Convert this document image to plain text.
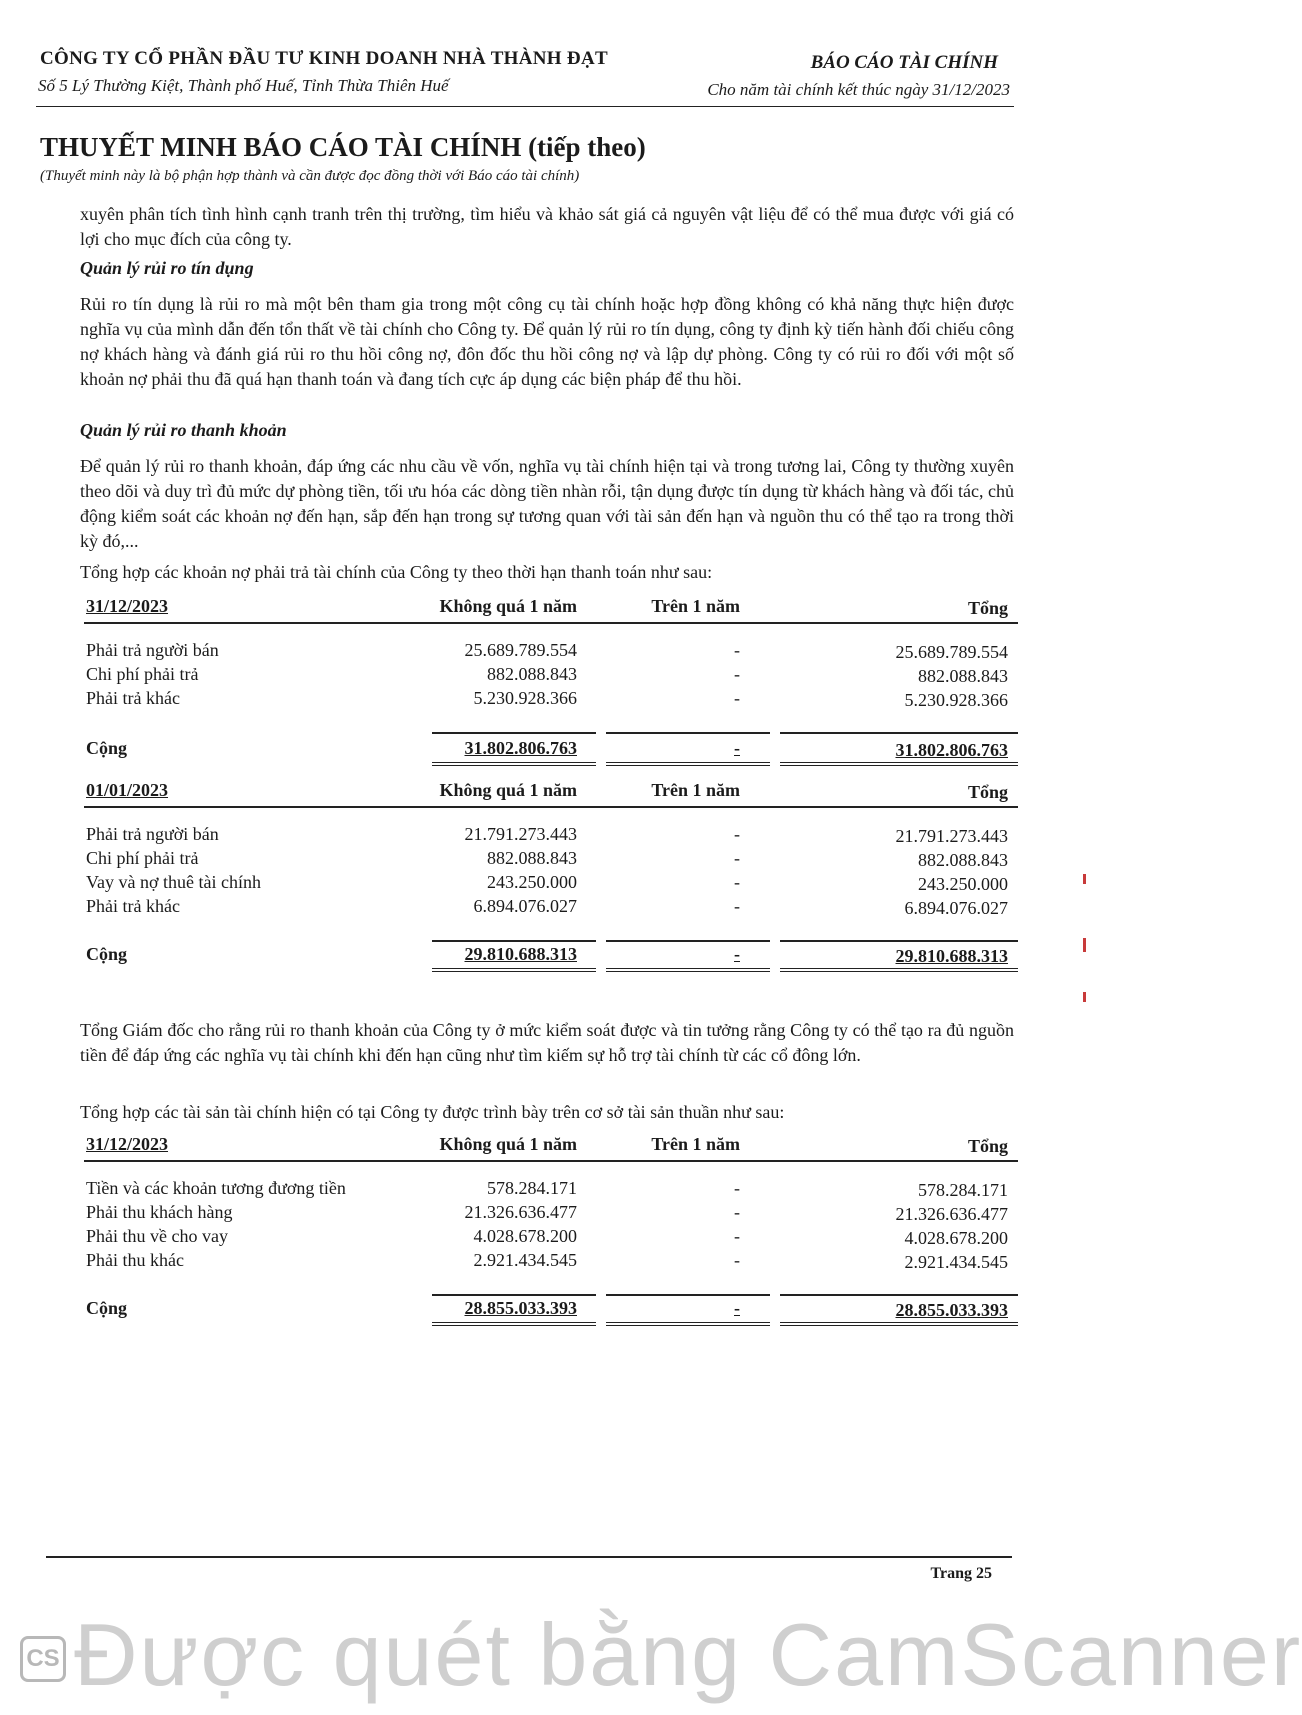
CÔNG TY CỔ PHẦN ĐẦU TƯ KINH DOANH NHÀ THÀNH ĐẠT
Số 5 Lý Thường Kiệt, Thành phố Huế, Tỉnh Thừa Thiên Huế
BÁO CÁO TÀI CHÍNH
Cho năm tài chính kết thúc ngày 31/12/2023
THUYẾT MINH BÁO CÁO TÀI CHÍNH (tiếp theo)
(Thuyết minh này là bộ phận hợp thành và cần được đọc đồng thời với Báo cáo tài chính)

xuyên phân tích tình hình cạnh tranh trên thị trường, tìm hiểu và khảo sát giá cả nguyên vật liệu để có thể mua được với giá có lợi cho mục đích của công ty.

Quản lý rủi ro tín dụng

Rủi ro tín dụng là rủi ro mà một bên tham gia trong một công cụ tài chính hoặc hợp đồng không có khả năng thực hiện được nghĩa vụ của mình dẫn đến tổn thất về tài chính cho Công ty. Để quản lý rủi ro tín dụng, công ty định kỳ tiến hành đối chiếu công nợ khách hàng và đánh giá rủi ro thu hồi công nợ, đôn đốc thu hồi công nợ và lập dự phòng. Công ty có rủi ro đối với một số khoản nợ phải thu đã quá hạn thanh toán và đang tích cực áp dụng các biện pháp để thu hồi.

Quản lý rủi ro thanh khoản

Để quản lý rủi ro thanh khoản, đáp ứng các nhu cầu về vốn, nghĩa vụ tài chính hiện tại và trong tương lai, Công ty thường xuyên theo dõi và duy trì đủ mức dự phòng tiền, tối ưu hóa các dòng tiền nhàn rỗi, tận dụng được tín dụng từ khách hàng và đối tác, chủ động kiểm soát các khoản nợ đến hạn, sắp đến hạn trong sự tương quan với tài sản đến hạn và nguồn thu có thể tạo ra trong thời kỳ đó,...

Tổng hợp các khoản nợ phải trả tài chính của Công ty theo thời hạn thanh toán như sau:

31/12/2023	Không quá 1 năm	Trên 1 năm	Tổng
Phải trả người bán	25.689.789.554	-	25.689.789.554
Chi phí phải trả	882.088.843	-	882.088.843
Phải trả khác	5.230.928.366	-	5.230.928.366
Cộng	31.802.806.763	-	31.802.806.763
01/01/2023	Không quá 1 năm	Trên 1 năm	Tổng
Phải trả người bán	21.791.273.443	-	21.791.273.443
Chi phí phải trả	882.088.843	-	882.088.843
Vay và nợ thuê tài chính	243.250.000	-	243.250.000
Phải trả khác	6.894.076.027	-	6.894.076.027
Cộng	29.810.688.313	-	29.810.688.313

Tổng Giám đốc cho rằng rủi ro thanh khoản của Công ty ở mức kiểm soát được và tin tưởng rằng Công ty có thể tạo ra đủ nguồn tiền để đáp ứng các nghĩa vụ tài chính khi đến hạn cũng như tìm kiếm sự hỗ trợ tài chính từ các cổ đông lớn.

Tổng hợp các tài sản tài chính hiện có tại Công ty được trình bày trên cơ sở tài sản thuần như sau:

31/12/2023	Không quá 1 năm	Trên 1 năm	Tổng
Tiền và các khoản tương đương tiền	578.284.171	-	578.284.171
Phải thu khách hàng	21.326.636.477	-	21.326.636.477
Phải thu về cho vay	4.028.678.200	-	4.028.678.200
Phải thu khác	2.921.434.545	-	2.921.434.545
Cộng	28.855.033.393	-	28.855.033.393
Trang 25
CS Được quét bằng CamScanner
